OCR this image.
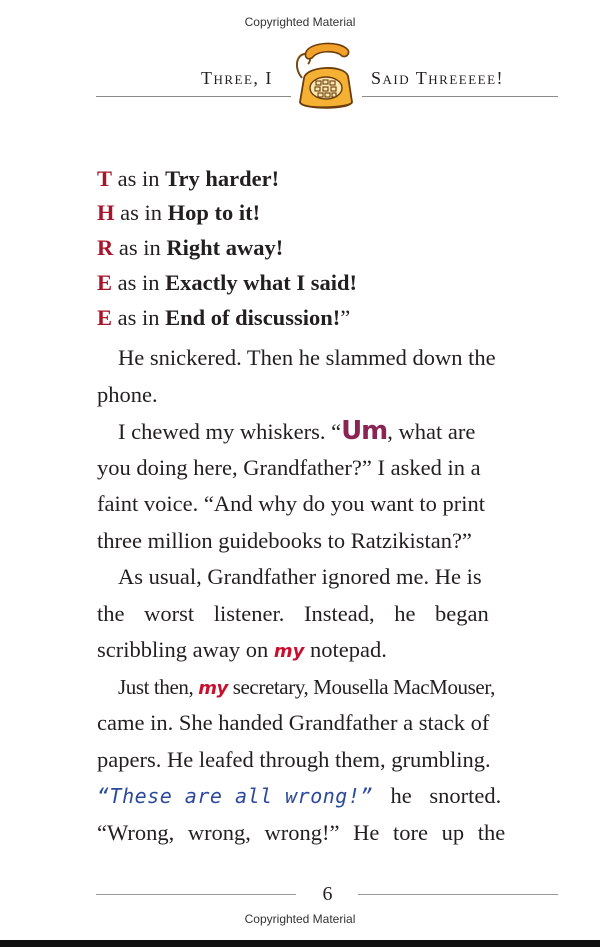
Copyrighted Material
Three, I	Said Threeeee!
T as in Try harder!
H as in Hop to it!
R as in Right away!
E as in Exactly what I said!
E as in End of discussion!”
He snickered. Then he slammed down the
phone.
I chewed my whiskers. “Um, what are
you doing here, Grandfather?” I asked in a
faint voice. “And why do you want to print
three million guidebooks to Ratzikistan?”
As usual, Grandfather ignored me. He is
the worst listener. Instead, he began
scribbling away on my notepad.
Just then, my secretary, Mousella MacMouser,
came in. She handed Grandfather a stack of
papers. He leafed through them, grumbling.
“These are all wrong!” he snorted.
“Wrong, wrong, wrong!” He tore up the
6
Copyrighted Material
